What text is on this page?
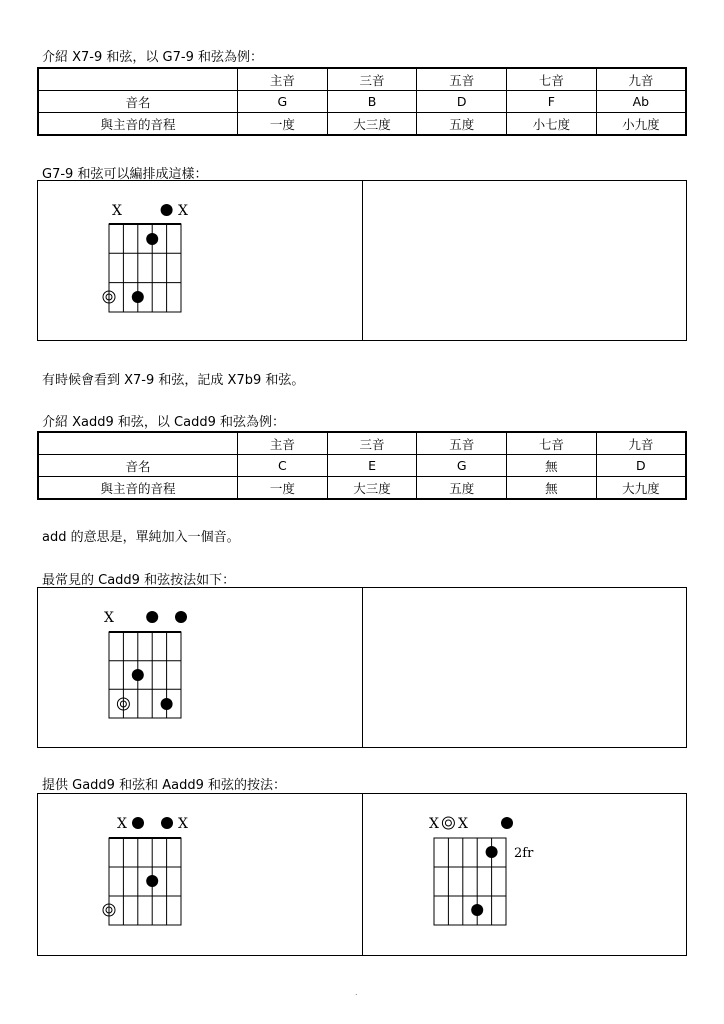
介紹 X7-9 和弦，以 G7-9 和弦為例：
	主音	三音	五音	七音	九音
音名	G	B	D	F	Ab
與主音的音程	一度	大三度	五度	小七度	小九度
G7-9 和弦可以編排成這樣：
X	X
有時候會看到 X7-9 和弦，記成 X7b9 和弦。
介紹 Xadd9 和弦，以 Cadd9 和弦為例：
	主音	三音	五音	七音	九音
音名	C	E	G	無	D
與主音的音程	一度	大三度	五度	無	大九度
add 的意思是，單純加入一個音。
最常見的 Cadd9 和弦按法如下：
X
提供 Gadd9 和弦和 Aadd9 和弦的按法：
X	X	X X
2fr
.
